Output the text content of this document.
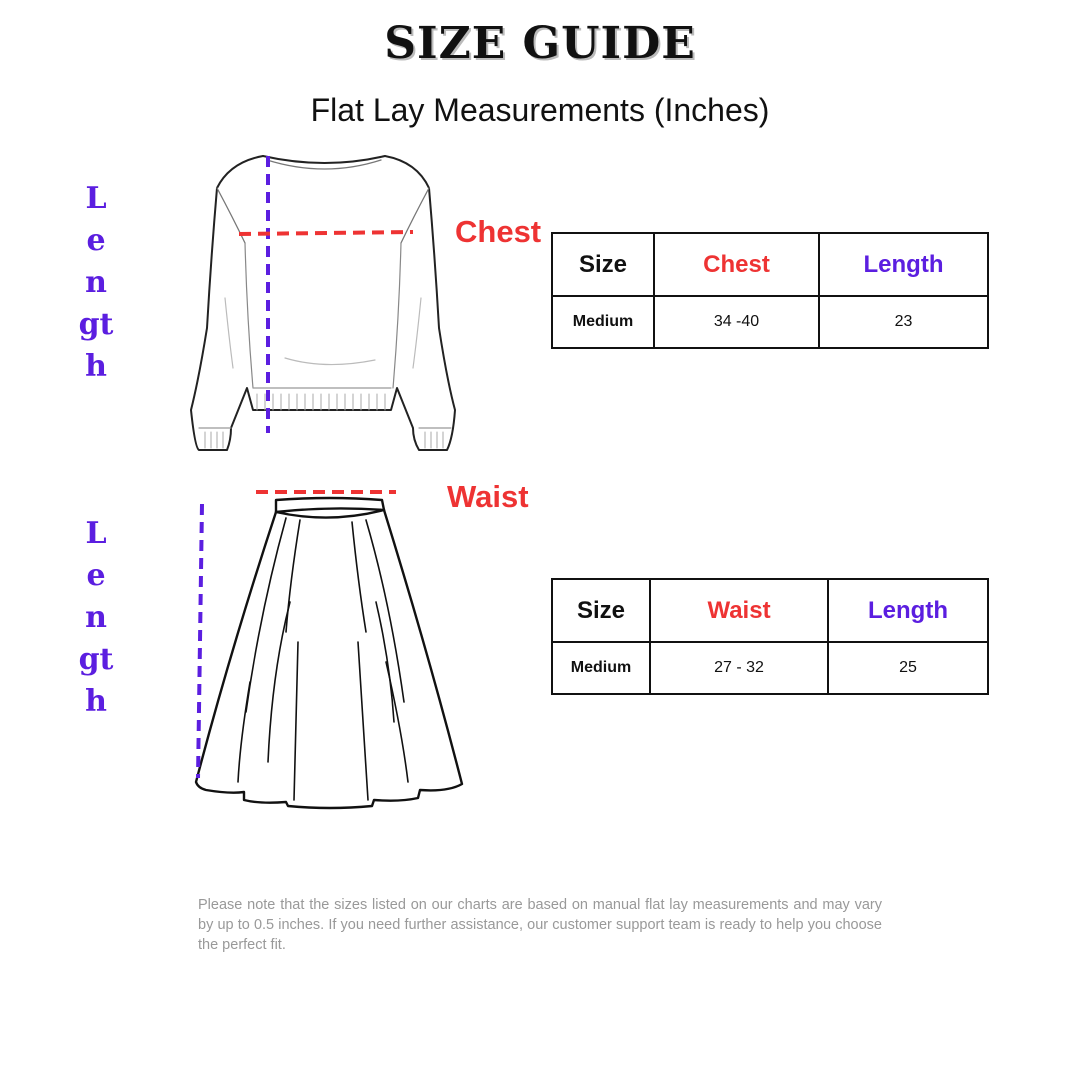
SIZE GUIDE
Flat Lay Measurements (Inches)
Length
Chest
Size	Chest	Length
Medium	34 -40	23
Length
Waist
Size	Waist	Length
Medium	27 - 32	25
Please note that the sizes listed on our charts are based on manual flat lay measurements and may vary by up to 0.5 inches. If you need further assistance, our customer support team is ready to help you choose the perfect fit.
